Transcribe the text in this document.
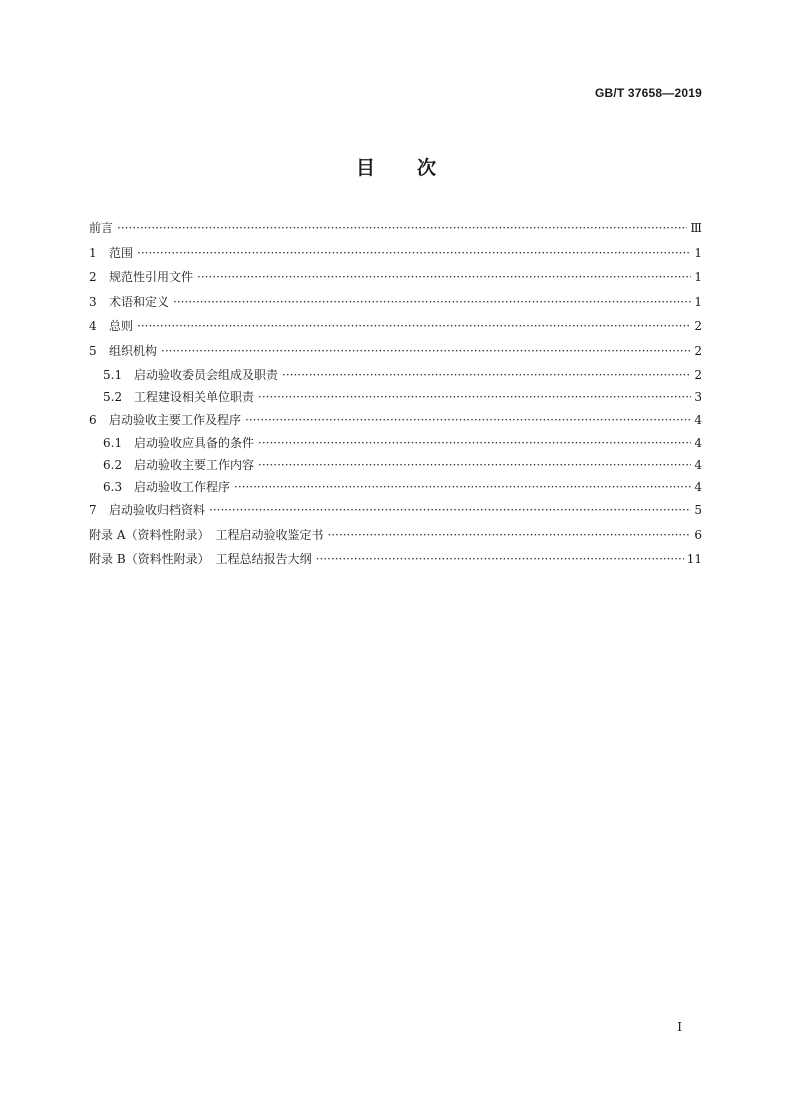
GB/T 37658—2019
目 次
前言 ·····	Ⅲ
1	范围 ·····	1
2	规范性引用文件 ·····	1
3	术语和定义 ·····	1
4	总则 ·····	2
5	组织机构 ·····	2
5.1 启动验收委员会组成及职责 ·····	2
5.2 工程建设相关单位职责 ·····	3
6	启动验收主要工作及程序 ·····	4
6.1 启动验收应具备的条件 ·····	4
6.2 启动验收主要工作内容 ·····	4
6.3 启动验收工作程序 ·····	4
7	启动验收归档资料 ·····	5
附录 A（资料性附录）　工程启动验收鉴定书 ·····	6
附录 B（资料性附录）　工程总结报告大纲 ·····	11
Ⅰ
